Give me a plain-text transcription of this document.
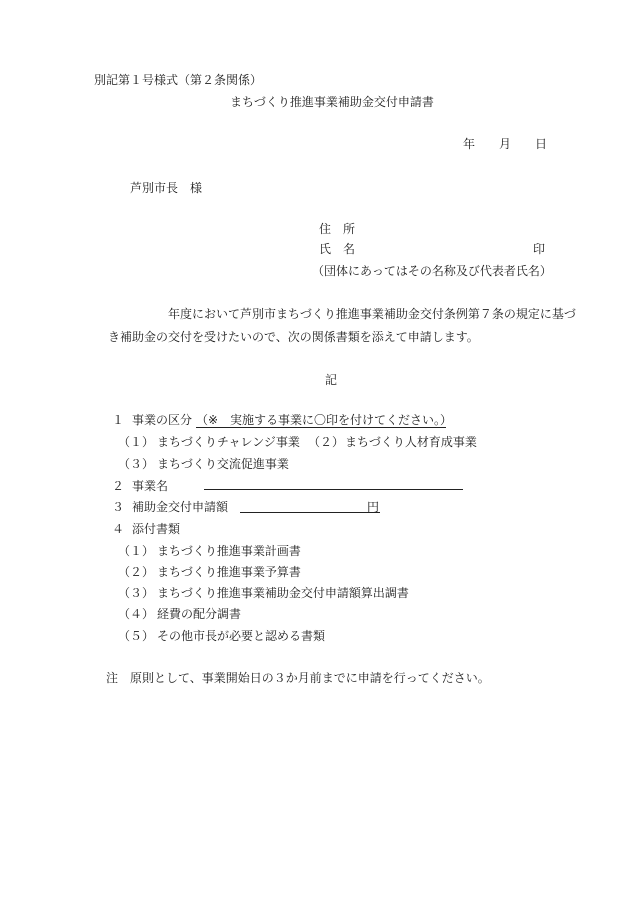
別記第１号様式（第２条関係）
まちづくり推進事業補助金交付申請書
年 月 日
芦別市長　様
住　所
氏　名	印
（団体にあってはその名称及び代表者氏名）
年度において芦別市まちづくり推進事業補助金交付条例第７条の規定に基づ
き補助金の交付を受けたいので、次の関係書類を添えて申請します。
記
１ 事業の区分 （※　実施する事業に〇印を付けてください。）
（１） まちづくりチャレンジ事業 （２） まちづくり人材育成事業
（３） まちづくり交流促進事業
２ 事業名
３ 補助金交付申請額	円
４ 添付書類
（１） まちづくり推進事業計画書
（２） まちづくり推進事業予算書
（３） まちづくり推進事業補助金交付申請額算出調書
（４） 経費の配分調書
（５） その他市長が必要と認める書類
注　原則として、事業開始日の３か月前までに申請を行ってください。
